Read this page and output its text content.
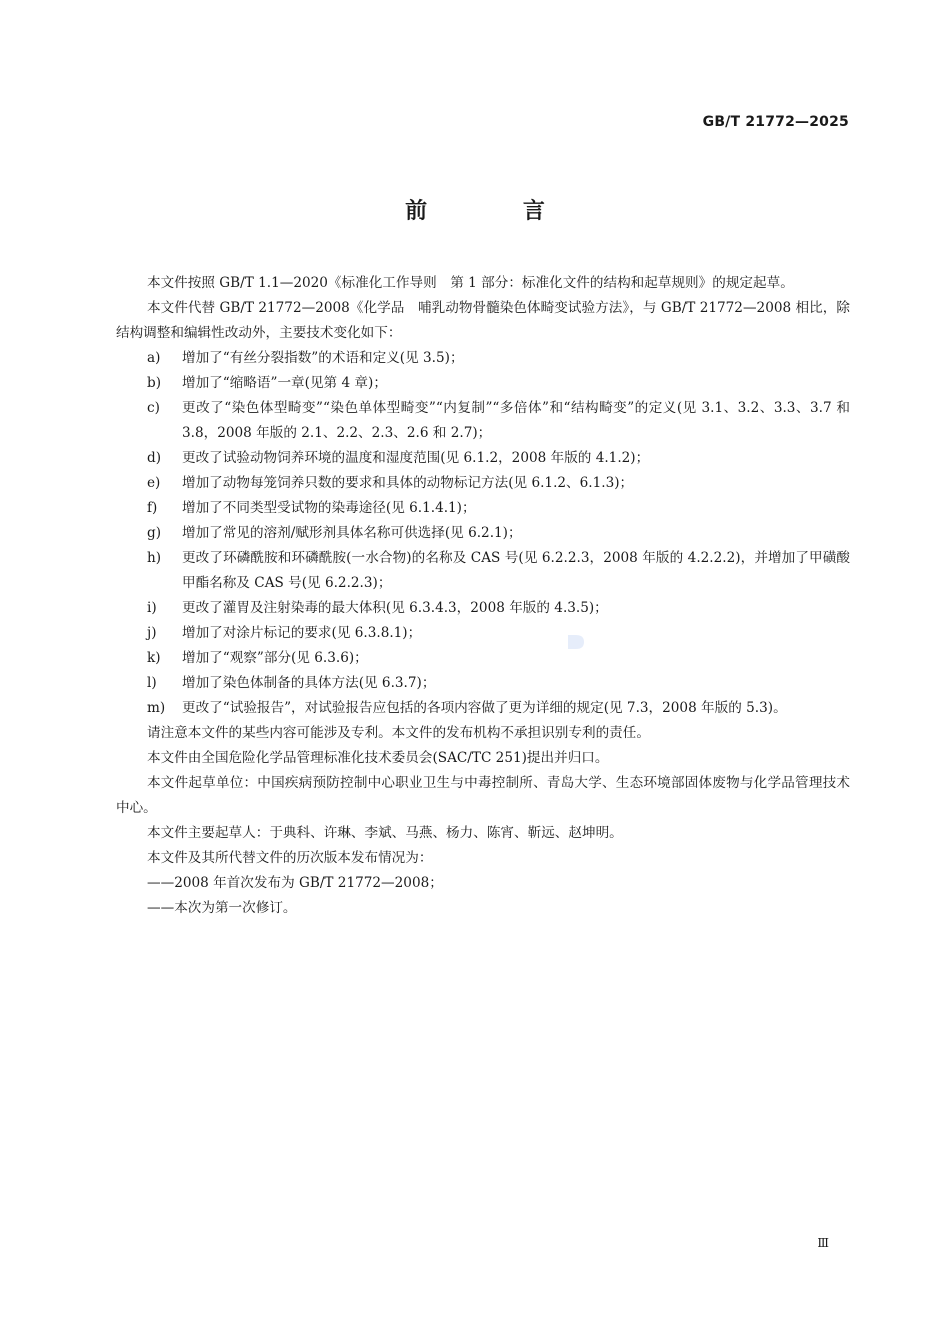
GB/T 21772—2025
前 言

本文件按照 GB/T 1.1—2020《标准化工作导则　第 1 部分：标准化文件的结构和起草规则》的规定起草。

本文件代替 GB/T 21772—2008《化学品　哺乳动物骨髓染色体畸变试验方法》，与 GB/T 21772—2008 相比，除结构调整和编辑性改动外，主要技术变化如下：

a)	增加了“有丝分裂指数”的术语和定义(见 3.5)；
b)	增加了“缩略语”一章(见第 4 章)；
c)	更改了“染色体型畸变”“染色单体型畸变”“内复制”“多倍体”和“结构畸变”的定义(见 3.1、3.2、3.3、3.7 和 3.8，2008 年版的 2.1、2.2、2.3、2.6 和 2.7)；
d)	更改了试验动物饲养环境的温度和湿度范围(见 6.1.2，2008 年版的 4.1.2)；
e)	增加了动物每笼饲养只数的要求和具体的动物标记方法(见 6.1.2、6.1.3)；
f)	增加了不同类型受试物的染毒途径(见 6.1.4.1)；
g)	增加了常见的溶剂/赋形剂具体名称可供选择(见 6.2.1)；
h)	更改了环磷酰胺和环磷酰胺(一水合物)的名称及 CAS 号(见 6.2.2.3，2008 年版的 4.2.2.2)，并增加了甲磺酸甲酯名称及 CAS 号(见 6.2.2.3)；
i)	更改了灌胃及注射染毒的最大体积(见 6.3.4.3，2008 年版的 4.3.5)；
j)	增加了对涂片标记的要求(见 6.3.8.1)；
k)	增加了“观察”部分(见 6.3.6)；
l)	增加了染色体制备的具体方法(见 6.3.7)；
m)	更改了“试验报告”，对试验报告应包括的各项内容做了更为详细的规定(见 7.3，2008 年版的 5.3)。

请注意本文件的某些内容可能涉及专利。本文件的发布机构不承担识别专利的责任。

本文件由全国危险化学品管理标准化技术委员会(SAC/TC 251)提出并归口。

本文件起草单位：中国疾病预防控制中心职业卫生与中毒控制所、青岛大学、生态环境部固体废物与化学品管理技术中心。

本文件主要起草人：于典科、许琳、李斌、马燕、杨力、陈宵、靳远、赵坤明。

本文件及其所代替文件的历次版本发布情况为：

——2008 年首次发布为 GB/T 21772—2008；

——本次为第一次修订。

Ⅲ
